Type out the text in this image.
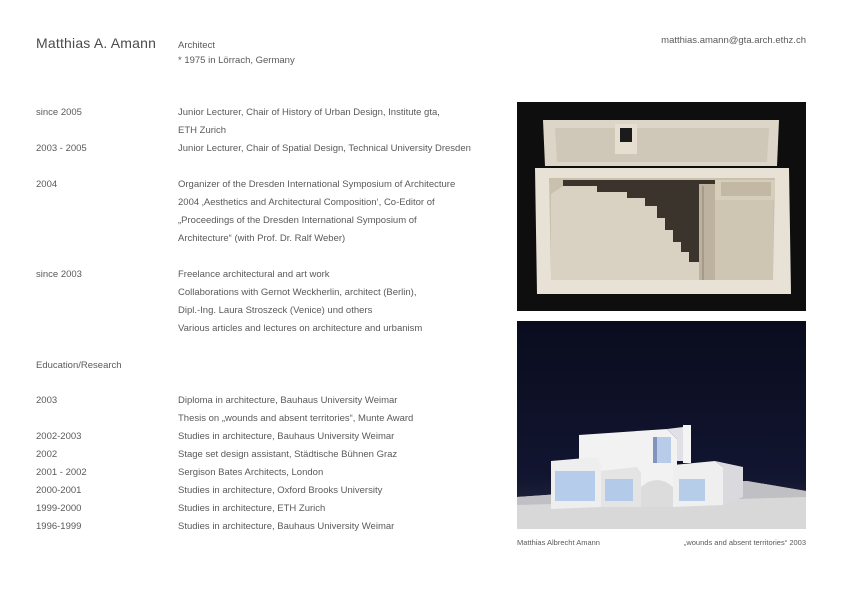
Matthias A. Amann Architect
* 1975 in Lörrach, Germany
matthias.amann@gta.arch.ethz.ch
since 2005	Junior Lecturer, Chair of History of Urban Design, Institute gta,
ETH Zurich
2003 - 2005	Junior Lecturer, Chair of Spatial Design, Technical University Dresden
2004	Organizer of the Dresden International Symposium of Architecture
2004 ‚Aesthetics and Architectural Composition‘, Co-Editor of
„Proceedings of the Dresden International Symposium of
Architecture“ (with Prof. Dr. Ralf Weber)
since 2003	Freelance architectural and art work
Collaborations with Gernot Weckherlin, architect (Berlin),
Dipl.-Ing. Laura Stroszeck (Venice) und others
Various articles and lectures on architecture and urbanism
Education/Research
2003	Diploma in architecture, Bauhaus University Weimar
Thesis on „wounds and absent territories“, Munte Award
2002-2003	Studies in architecture, Bauhaus University Weimar
2002	Stage set design assistant, Städtische Bühnen Graz
2001 - 2002	Sergison Bates Architects, London
2000-2001	Studies in architecture, Oxford Brooks University
1999-2000	Studies in architecture, ETH Zurich
1996-1999	Studies in architecture, Bauhaus University Weimar
Matthias Albrecht Amann	„wounds and absent territories“ 2003
